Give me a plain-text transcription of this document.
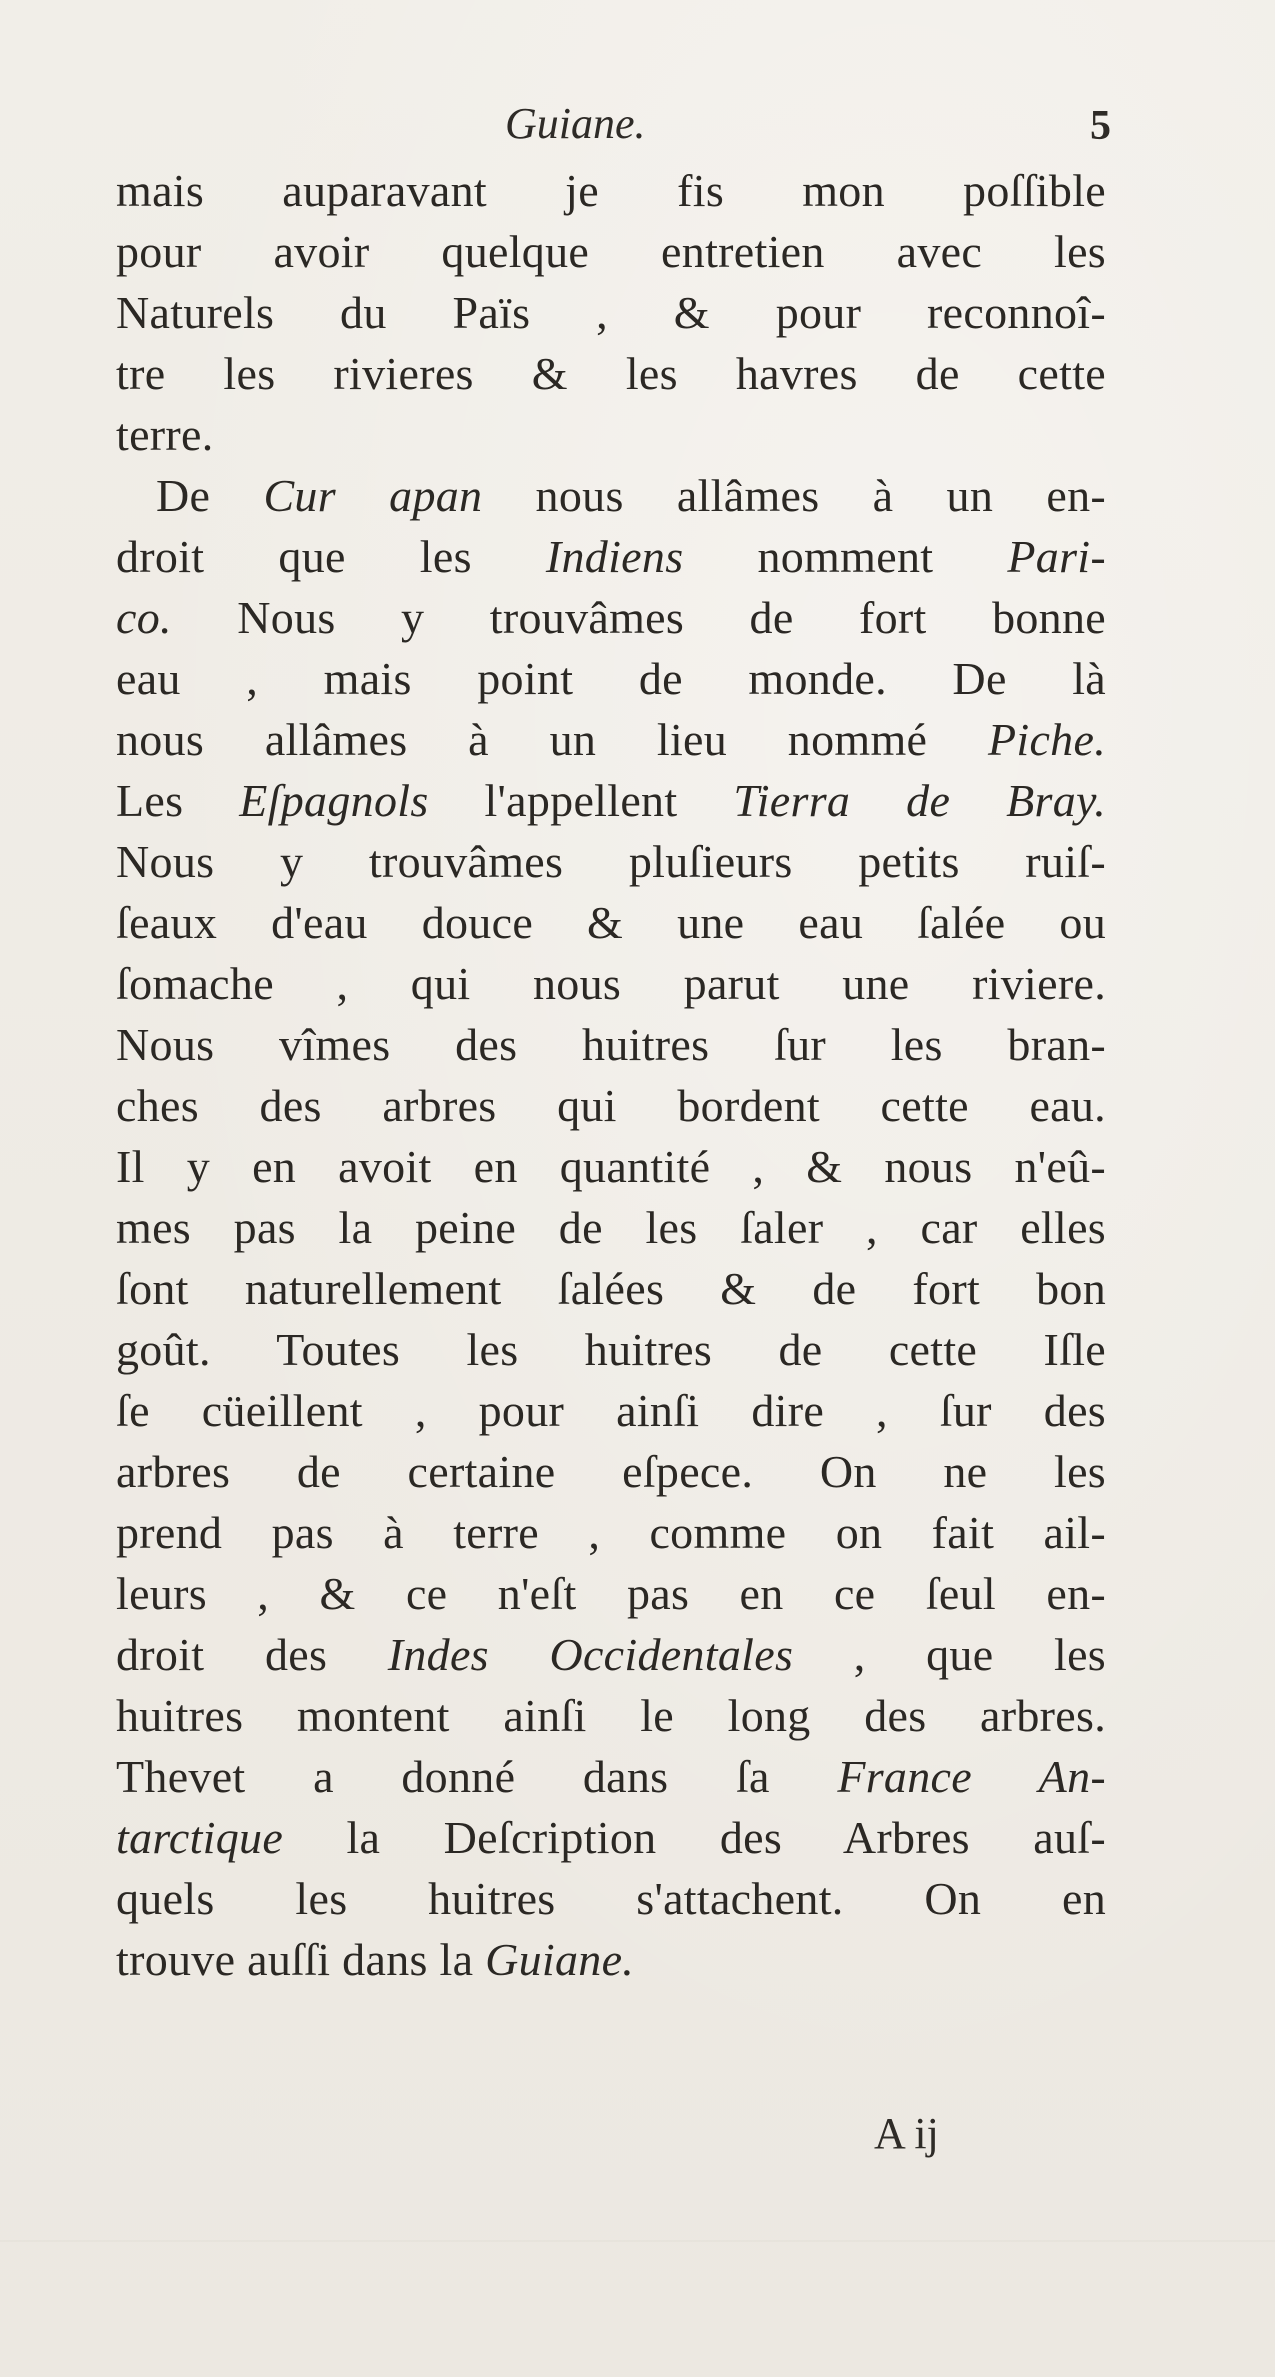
Guiane.	5
mais auparavant je fis mon poſſible
pour avoir quelque entretien avec les
Naturels du Païs , & pour reconnoî-
tre les rivieres & les havres de cette
terre.
De Cur apan nous allâmes à un en-
droit que les Indiens nomment Pari-
co. Nous y trouvâmes de fort bonne
eau , mais point de monde. De là
nous allâmes à un lieu nommé Piche.
Les Eſpagnols l'appellent Tierra de Bray.
Nous y trouvâmes pluſieurs petits ruiſ-
ſeaux d'eau douce & une eau ſalée ou
ſomache , qui nous parut une riviere.
Nous vîmes des huitres ſur les bran-
ches des arbres qui bordent cette eau.
Il y en avoit en quantité , & nous n'eû-
mes pas la peine de les ſaler , car elles
ſont naturellement ſalées & de fort bon
goût. Toutes les huitres de cette Iſle
ſe cüeillent , pour ainſi dire , ſur des
arbres de certaine eſpece. On ne les
prend pas à terre , comme on fait ail-
leurs , & ce n'eſt pas en ce ſeul en-
droit des Indes Occidentales , que les
huitres montent ainſi le long des arbres.
Thevet a donné dans ſa France An-
tarctique la Deſcription des Arbres auſ-
quels les huitres s'attachent. On en
trouve auſſi dans la Guiane.
A ij
